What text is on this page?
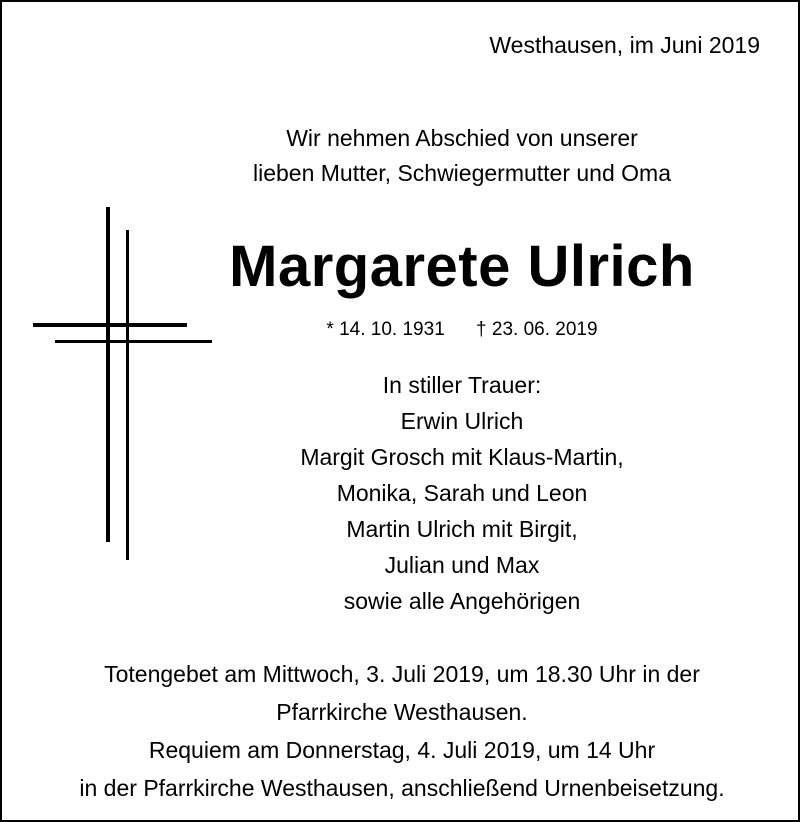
Westhausen, im Juni 2019
Wir nehmen Abschied von unserer
lieben Mutter, Schwiegermutter und Oma
Margarete Ulrich
* 14. 10. 1931 † 23. 06. 2019
In stiller Trauer:
Erwin Ulrich
Margit Grosch mit Klaus-Martin,
Monika, Sarah und Leon
Martin Ulrich mit Birgit,
Julian und Max
sowie alle Angehörigen
Totengebet am Mittwoch, 3. Juli 2019, um 18.30 Uhr in der
Pfarrkirche Westhausen.
Requiem am Donnerstag, 4. Juli 2019, um 14 Uhr
in der Pfarrkirche Westhausen, anschließend Urnenbeisetzung.
